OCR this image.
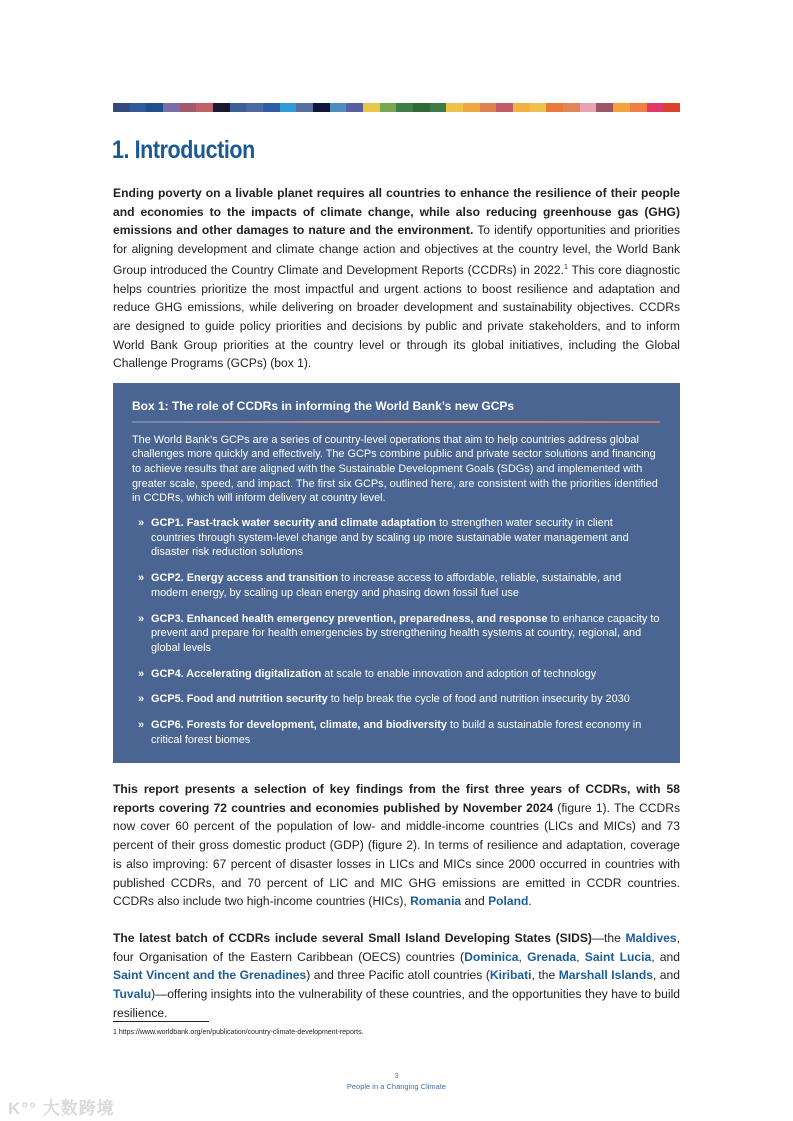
1. Introduction

Ending poverty on a livable planet requires all countries to enhance the resilience of their people and economies to the impacts of climate change, while also reducing greenhouse gas (GHG) emissions and other damages to nature and the environment. To identify opportunities and priorities for aligning development and climate change action and objectives at the country level, the World Bank Group introduced the Country Climate and Development Reports (CCDRs) in 2022.$^1$ This core diagnostic helps countries prioritize the most impactful and urgent actions to boost resilience and adaptation and reduce GHG emissions, while delivering on broader development and sustainability objectives. CCDRs are designed to guide policy priorities and decisions by public and private stakeholders, and to inform World Bank Group priorities at the country level or through its global initiatives, including the Global Challenge Programs (GCPs) (box 1).

Box 1: The role of CCDRs in informing the World Bank’s new GCPs

The World Bank’s GCPs are a series of country-level operations that aim to help countries address global challenges more quickly and effectively. The GCPs combine public and private sector solutions and financing to achieve results that are aligned with the Sustainable Development Goals (SDGs) and implemented with greater scale, speed, and impact. The first six GCPs, outlined here, are consistent with the priorities identified in CCDRs, which will inform delivery at country level.

» GCP1. Fast-track water security and climate adaptation to strengthen water security in client countries through system-level change and by scaling up more sustainable water management and disaster risk reduction solutions
» GCP2. Energy access and transition to increase access to affordable, reliable, sustainable, and modern energy, by scaling up clean energy and phasing down fossil fuel use
» GCP3. Enhanced health emergency prevention, preparedness, and response to enhance capacity to prevent and prepare for health emergencies by strengthening health systems at country, regional, and global levels
» GCP4. Accelerating digitalization at scale to enable innovation and adoption of technology
» GCP5. Food and nutrition security to help break the cycle of food and nutrition insecurity by 2030
» GCP6. Forests for development, climate, and biodiversity to build a sustainable forest economy in critical forest biomes

This report presents a selection of key findings from the first three years of CCDRs, with 58 reports covering 72 countries and economies published by November 2024 (figure 1). The CCDRs now cover 60 percent of the population of low- and middle-income countries (LICs and MICs) and 73 percent of their gross domestic product (GDP) (figure 2). In terms of resilience and adaptation, coverage is also improving: 67 percent of disaster losses in LICs and MICs since 2000 occurred in countries with published CCDRs, and 70 percent of LIC and MIC GHG emissions are emitted in CCDR countries. CCDRs also include two high-income countries (HICs), Romania and Poland.

The latest batch of CCDRs include several Small Island Developing States (SIDS)—the Maldives, four Organisation of the Eastern Caribbean (OECS) countries (Dominica, Grenada, Saint Lucia, and Saint Vincent and the Grenadines) and three Pacific atoll countries (Kiribati, the Marshall Islands, and Tuvalu)—offering insights into the vulnerability of these countries, and the opportunities they have to build resilience.

1 https://www.worldbank.org/en/publication/country-climate-development-reports.
3
People in a Changing Climate
K°° 大数跨境
